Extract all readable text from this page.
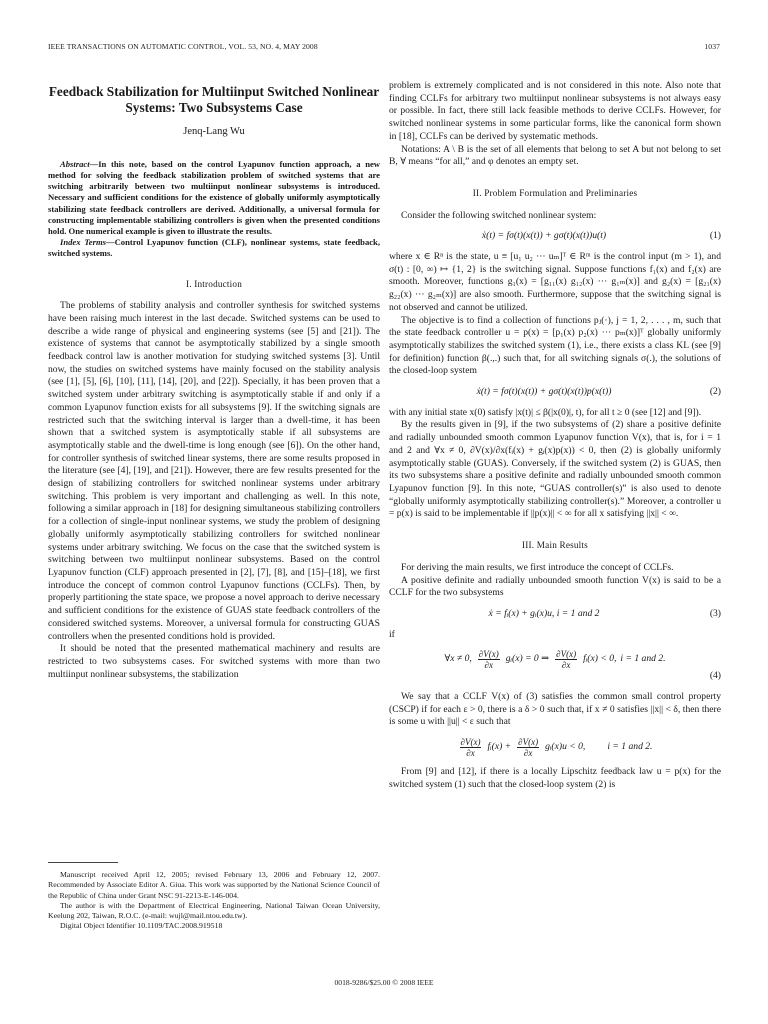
IEEE TRANSACTIONS ON AUTOMATIC CONTROL, VOL. 53, NO. 4, MAY 2008	1037
Feedback Stabilization for Multiinput Switched Nonlinear Systems: Two Subsystems Case
Jenq-Lang Wu

Abstract—In this note, based on the control Lyapunov function approach, a new method for solving the feedback stabilization problem of switched systems that are switching arbitrarily between two multiinput nonlinear subsystems is introduced. Necessary and sufficient conditions for the existence of globally uniformly asymptotically stabilizing state feedback controllers are derived. Additionally, a universal formula for constructing implementable stabilizing controllers is given when the presented conditions hold. One numerical example is given to illustrate the results.

Index Terms—Control Lyapunov function (CLF), nonlinear systems, state feedback, switched systems.

I. Introduction

The problems of stability analysis and controller synthesis for switched systems have been raising much interest in the last decade. Switched systems can be used to describe a wide range of physical and engineering systems (see [5] and [21]). The existence of systems that cannot be asymptotically stabilized by a single smooth feedback control law is another motivation for studying switched systems [3]. Until now, the studies on switched systems have mainly focused on the stability analysis (see [1], [5], [6], [10], [11], [14], [20], and [22]). Specially, it has been proven that a switched system under arbitrary switching is asymptotically stable if and only if a common Lyapunov function exists for all subsystems [9]. If the switching signals are restricted such that the switching interval is larger than a dwell-time, it has been shown that a switched system is asymptotically stable if all subsystems are asymptotically stable and the dwell-time is long enough (see [6]). On the other hand, for controller synthesis of switched linear systems, there are some results proposed in the literature (see [4], [19], and [21]). However, there are few results presented for the design of stabilizing controllers for switched nonlinear systems under arbitrary switching. This problem is very important and challenging as well. In this note, following a similar approach in [18] for designing simultaneous stabilizing controllers for a collection of single-input nonlinear systems, we study the problem of designing globally uniformly asymptotically stabilizing controllers for switched nonlinear systems under arbitrary switching. We focus on the case that the switched system is switching between two multiinput nonlinear subsystems. Based on the control Lyapunov function (CLF) approach presented in [2], [7], [8], and [15]–[18], we first introduce the concept of common control Lyapunov functions (CCLFs). Then, by properly partitioning the state space, we propose a novel approach to derive necessary and sufficient conditions for the existence of GUAS state feedback controllers of the considered switched systems. Moreover, a universal formula for constructing GUAS controllers when the presented conditions hold is provided.

It should be noted that the presented mathematical machinery and results are restricted to two subsystems cases. For switched systems with more than two multiinput nonlinear subsystems, the stabilization

Manuscript received April 12, 2005; revised February 13, 2006 and February 12, 2007. Recommended by Associate Editor A. Giua. This work was supported by the National Science Council of the Republic of China under Grant NSC 91-2213-E-146-004.

The author is with the Department of Electrical Engineering, National Taiwan Ocean University, Keelung 202, Taiwan, R.O.C. (e-mail: wujl@mail.ntou.edu.tw).

Digital Object Identifier 10.1109/TAC.2008.919518

problem is extremely complicated and is not considered in this note. Also note that finding CCLFs for arbitrary two multiinput nonlinear subsystems is not always easy or possible. In fact, there still lack feasible methods to derive CCLFs. However, for switched nonlinear systems in some particular forms, like the canonical form shown in [18], CCLFs can be derived by systematic methods.

Notations: A \ B is the set of all elements that belong to set A but not belong to set B, ∀ means “for all,” and φ denotes an empty set.

II. Problem Formulation and Preliminaries

Consider the following switched nonlinear system:

ẋ(t) = fσ(t)(x(t)) + gσ(t)(x(t))u(t)	(1)

where x ∈ Rⁿ is the state, u ≡ [u₁ u₂ ··· uₘ]ᵀ ∈ Rᵐ is the control input (m > 1), and σ(t) : [0, ∞) ↦ {1, 2} is the switching signal. Suppose functions f₁(x) and f₂(x) are smooth. Moreover, functions g₁(x) = [g₁₁(x) g₁₂(x) ··· g₁ₘ(x)] and g₂(x) = [g₂₁(x) g₂₂(x) ··· g₂ₘ(x)] are also smooth. Furthermore, suppose that the switching signal is not observed and cannot be utilized.

The objective is to find a collection of functions pⱼ(·), j = 1, 2, . . . , m, such that the state feedback controller u = p(x) = [p₁(x) p₂(x) ··· pₘ(x)]ᵀ globally uniformly asymptotically stabilizes the switched system (1), i.e., there exists a class KL (see [9] for definition) function β(.,.) such that, for all switching signals σ(.), the solutions of the closed-loop system

ẋ(t) = fσ(t)(x(t)) + gσ(t)(x(t))p(x(t))	(2)

with any initial state x(0) satisfy |x(t)| ≤ β(|x(0)|, t), for all t ≥ 0 (see [12] and [9]).

By the results given in [9], if the two subsystems of (2) share a positive definite and radially unbounded smooth common Lyapunov function V(x), that is, for i = 1 and 2 and ∀x ≠ 0, ∂V(x)/∂x(fᵢ(x) + gᵢ(x)p(x)) < 0, then (2) is globally uniformly asymptotically stable (GUAS). Conversely, if the switched system (2) is GUAS, then its two subsystems share a positive definite and radially unbounded smooth common Lyapunov function [9]. In this note, “GUAS controller(s)” is also used to denote “globally uniformly asymptotically stabilizing controller(s).” Moreover, a controller u = p(x) is said to be implementable if ||p(x)|| < ∞ for all x satisfying ||x|| < ∞.

III. Main Results

For deriving the main results, we first introduce the concept of CCLFs.

A positive definite and radially unbounded smooth function V(x) is said to be a CCLF for the two subsystems

ẋ = fᵢ(x) + gᵢ(x)u, i = 1 and 2	(3)

if

∀x ≠ 0, $\frac{\partial V(x)}{\partial x}$ gᵢ(x) = 0 ⇒ $\frac{\partial V(x)}{\partial x}$ fᵢ(x) < 0, i = 1 and 2.
(4)

We say that a CCLF V(x) of (3) satisfies the common small control property (CSCP) if for each ε > 0, there is a δ > 0 such that, if x ≠ 0 satisfies ||x|| < δ, then there is some u with ||u|| < ε such that

$\frac{\partial V(x)}{\partial x}$ fᵢ(x) + $\frac{\partial V(x)}{\partial x}$ gᵢ(x)u < 0, i = 1 and 2.

From [9] and [12], if there is a locally Lipschitz feedback law u = p(x) for the switched system (1) such that the closed-loop system (2) is

0018-9286/$25.00 © 2008 IEEE
